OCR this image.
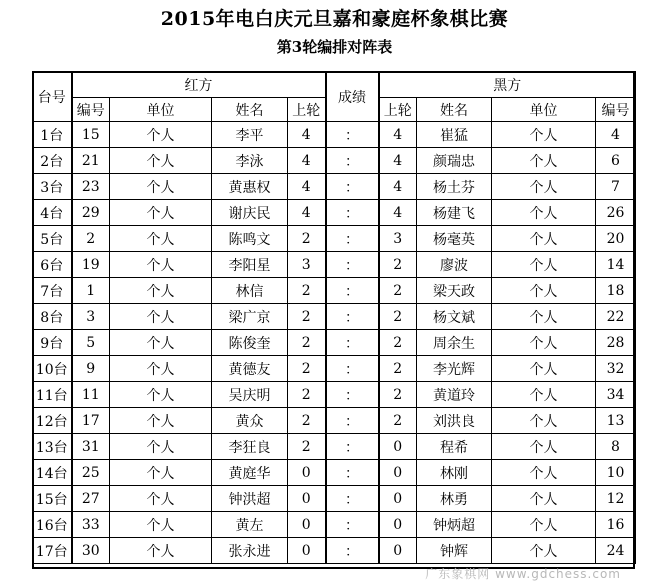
2015年电白庆元旦嘉和豪庭杯象棋比赛
第3轮编排对阵表
台号	红方				成绩	黑方			
	编号	单位	姓名	上轮		上轮	姓名	单位	编号
1台	15	个人	李平	4	：	4	崔猛	个人	4
2台	21	个人	李泳	4	：	4	颜瑞忠	个人	6
3台	23	个人	黄惠权	4	：	4	杨土芬	个人	7
4台	29	个人	谢庆民	4	：	4	杨建飞	个人	26
5台	2	个人	陈鸣文	2	：	3	杨毫英	个人	20
6台	19	个人	李阳星	3	：	2	廖波	个人	14
7台	1	个人	林信	2	：	2	梁天政	个人	18
8台	3	个人	梁广京	2	：	2	杨文斌	个人	22
9台	5	个人	陈俊奎	2	：	2	周余生	个人	28
10台	9	个人	黄德友	2	：	2	李光辉	个人	32
11台	11	个人	吴庆明	2	：	2	黄道玲	个人	34
12台	17	个人	黄众	2	：	2	刘洪良	个人	13
13台	31	个人	李狂良	2	：	0	程希	个人	8
14台	25	个人	黄庭华	0	：	0	林刚	个人	10
15台	27	个人	钟洪超	0	：	0	林勇	个人	12
16台	33	个人	黄左	0	：	0	钟炳超	个人	16
17台	30	个人	张永进	0	：	0	钟辉	个人	24
广东象棋网 www.gdchess.com
